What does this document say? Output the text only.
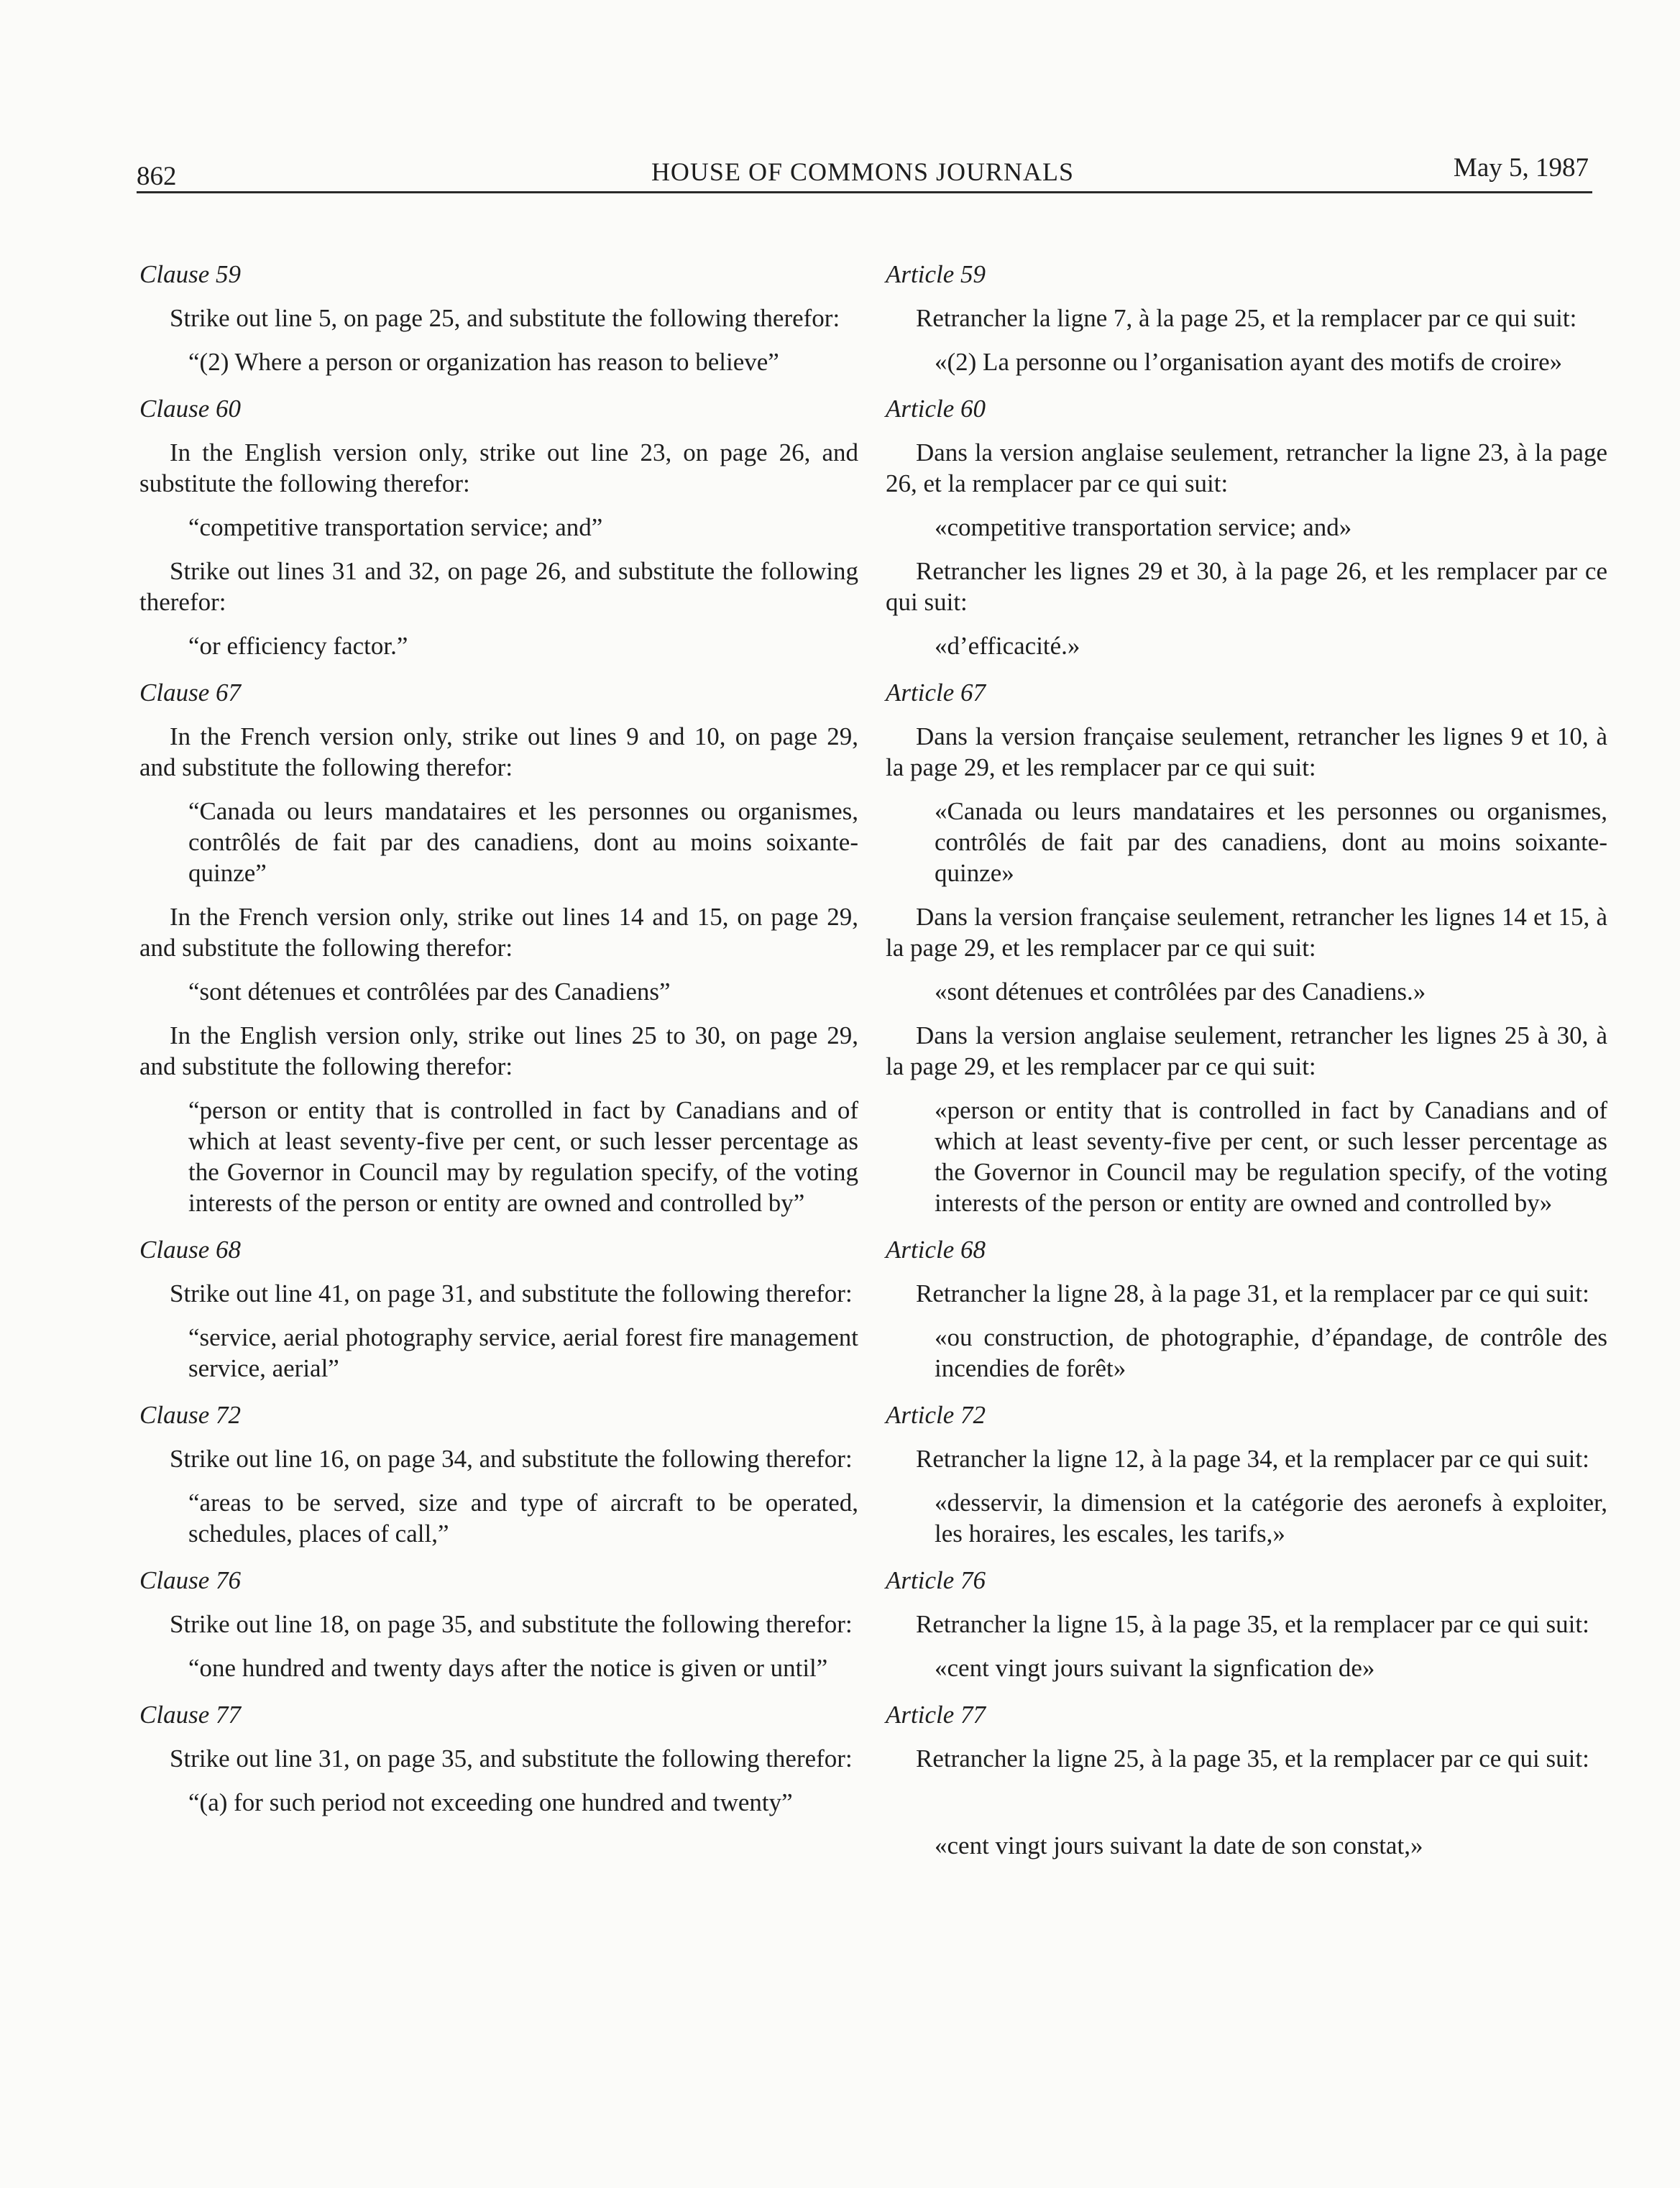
862	HOUSE OF COMMONS JOURNALS	May 5, 1987
Clause 59
Strike out line 5, on page 25, and substitute the following therefor:
“(2) Where a person or organization has reason to believe”
Clause 60
In the English version only, strike out line 23, on page 26, and substitute the following therefor:
“competitive transportation service; and”
Strike out lines 31 and 32, on page 26, and substitute the following therefor:
“or efficiency factor.”
Clause 67
In the French version only, strike out lines 9 and 10, on page 29, and substitute the following therefor:
“Canada ou leurs mandataires et les personnes ou organismes, contrôlés de fait par des canadiens, dont au moins soixante-quinze”
In the French version only, strike out lines 14 and 15, on page 29, and substitute the following therefor:
“sont détenues et contrôlées par des Canadiens”
In the English version only, strike out lines 25 to 30, on page 29, and substitute the following therefor:
“person or entity that is controlled in fact by Canadians and of which at least seventy-five per cent, or such lesser percentage as the Governor in Council may by regulation specify, of the voting interests of the person or entity are owned and controlled by”
Clause 68
Strike out line 41, on page 31, and substitute the following therefor:
“service, aerial photography service, aerial forest fire management service, aerial”
Clause 72
Strike out line 16, on page 34, and substitute the following therefor:
“areas to be served, size and type of aircraft to be operated, schedules, places of call,”
Clause 76
Strike out line 18, on page 35, and substitute the following therefor:
“one hundred and twenty days after the notice is given or until”
Clause 77
Strike out line 31, on page 35, and substitute the following therefor:
“(a) for such period not exceeding one hundred and twenty”
Article 59
Retrancher la ligne 7, à la page 25, et la remplacer par ce qui suit:
«(2) La personne ou l’organisation ayant des motifs de croire»
Article 60
Dans la version anglaise seulement, retrancher la ligne 23, à la page 26, et la remplacer par ce qui suit:
«competitive transportation service; and»
Retrancher les lignes 29 et 30, à la page 26, et les remplacer par ce qui suit:
«d’efficacité.»
Article 67
Dans la version française seulement, retrancher les lignes 9 et 10, à la page 29, et les remplacer par ce qui suit:
«Canada ou leurs mandataires et les personnes ou organismes, contrôlés de fait par des canadiens, dont au moins soixante-quinze»
Dans la version française seulement, retrancher les lignes 14 et 15, à la page 29, et les remplacer par ce qui suit:
«sont détenues et contrôlées par des Canadiens.»
Dans la version anglaise seulement, retrancher les lignes 25 à 30, à la page 29, et les remplacer par ce qui suit:
«person or entity that is controlled in fact by Canadians and of which at least seventy-five per cent, or such lesser percentage as the Governor in Council may be regulation specify, of the voting interests of the person or entity are owned and controlled by»
Article 68
Retrancher la ligne 28, à la page 31, et la remplacer par ce qui suit:
«ou construction, de photographie, d’épandage, de contrôle des incendies de forêt»
Article 72
Retrancher la ligne 12, à la page 34, et la remplacer par ce qui suit:
«desservir, la dimension et la catégorie des aeronefs à exploiter, les horaires, les escales, les tarifs,»
Article 76
Retrancher la ligne 15, à la page 35, et la remplacer par ce qui suit:
«cent vingt jours suivant la signfication de»
Article 77
Retrancher la ligne 25, à la page 35, et la remplacer par ce qui suit:
«cent vingt jours suivant la date de son constat,»
